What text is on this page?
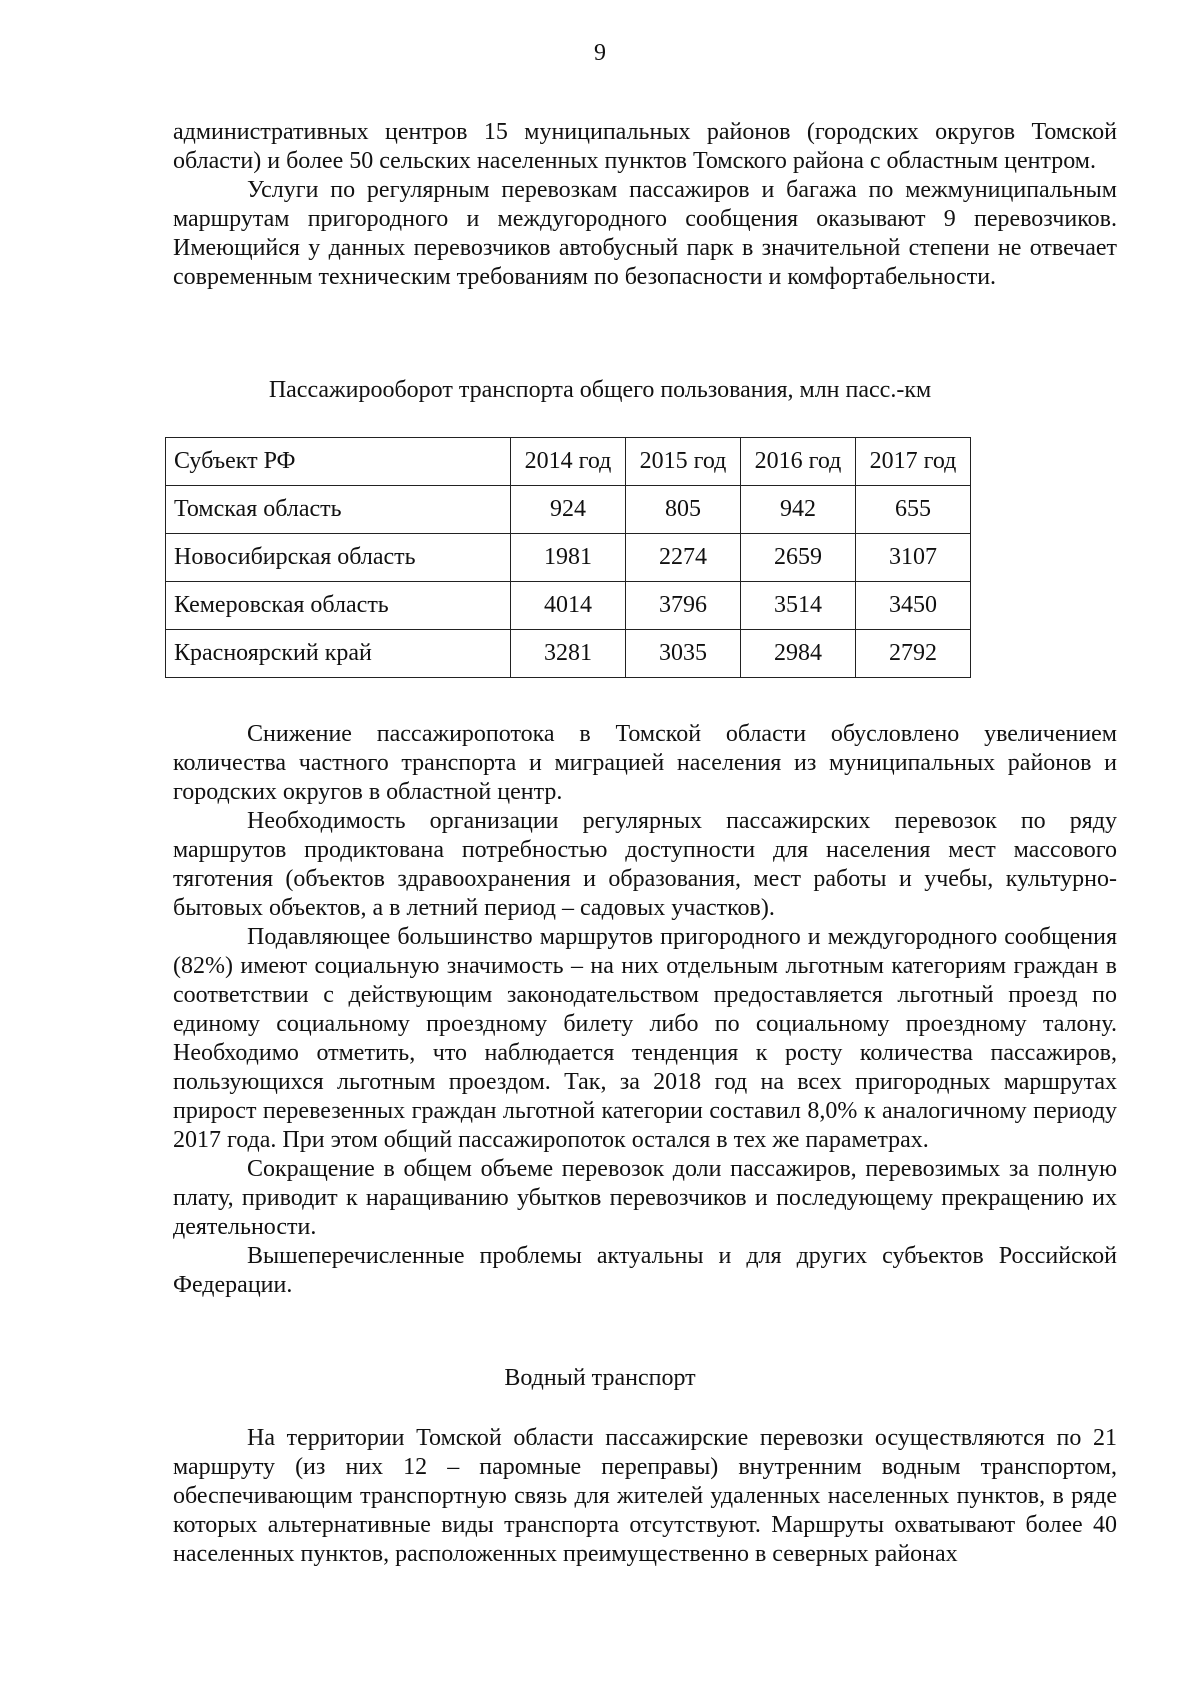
9

административных центров 15 муниципальных районов (городских округов Томской области) и более 50 сельских населенных пунктов Томского района с областным центром.

Услуги по регулярным перевозкам пассажиров и багажа по межмуниципальным маршрутам пригородного и междугородного сообщения оказывают 9 перевозчиков. Имеющийся у данных перевозчиков автобусный парк в значительной степени не отвечает современным техническим требованиям по безопасности и комфортабельности.

Пассажирооборот транспорта общего пользования, млн пасс.-км
Субъект РФ	2014 год	2015 год	2016 год	2017 год
Томская область	924	805	942	655
Новосибирская область	1981	2274	2659	3107
Кемеровская область	4014	3796	3514	3450
Красноярский край	3281	3035	2984	2792

Снижение пассажиропотока в Томской области обусловлено увеличением количества частного транспорта и миграцией населения из муниципальных районов и городских округов в областной центр.

Необходимость организации регулярных пассажирских перевозок по ряду маршрутов продиктована потребностью доступности для населения мест массового тяготения (объектов здравоохранения и образования, мест работы и учебы, культурно-бытовых объектов, а в летний период – садовых участков).

Подавляющее большинство маршрутов пригородного и междугородного сообщения (82%) имеют социальную значимость – на них отдельным льготным категориям граждан в соответствии с действующим законодательством предоставляется льготный проезд по единому социальному проездному билету либо по социальному проездному талону. Необходимо отметить, что наблюдается тенденция к росту количества пассажиров, пользующихся льготным проездом. Так, за 2018 год на всех пригородных маршрутах прирост перевезенных граждан льготной категории составил 8,0% к аналогичному периоду 2017 года. При этом общий пассажиропоток остался в тех же параметрах.

Сокращение в общем объеме перевозок доли пассажиров, перевозимых за полную плату, приводит к наращиванию убытков перевозчиков и последующему прекращению их деятельности.

Вышеперечисленные проблемы актуальны и для других субъектов Российской Федерации.

Водный транспорт

На территории Томской области пассажирские перевозки осуществляются по 21 маршруту (из них 12 – паромные переправы) внутренним водным транспортом, обеспечивающим транспортную связь для жителей удаленных населенных пунктов, в ряде которых альтернативные виды транспорта отсутствуют. Маршруты охватывают более 40 населенных пунктов, расположенных преимущественно в северных районах
